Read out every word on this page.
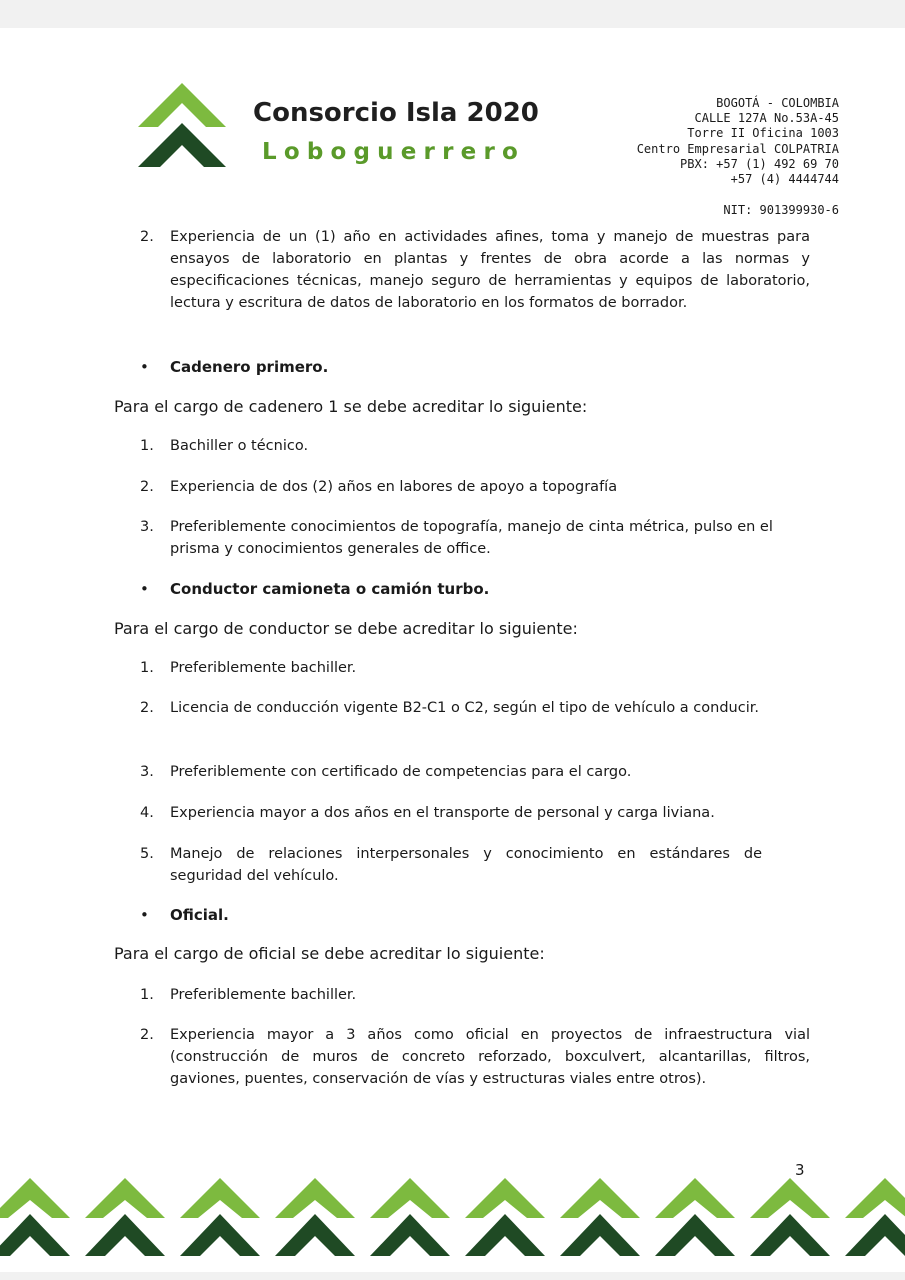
Consorcio Isla 2020
Loboguerrero
BOGOTÁ - COLOMBIA
CALLE 127A No.53A-45
Torre II Oficina 1003
Centro Empresarial COLPATRIA
PBX: +57 (1) 492 69 70
+57 (4) 4444744
NIT: 901399930-6
2. Experiencia de un (1) año en actividades afines, toma y manejo de muestras para ensayos de laboratorio en plantas y frentes de obra acorde a las normas y especificaciones técnicas, manejo seguro de herramientas y equipos de laboratorio, lectura y escritura de datos de laboratorio en los formatos de borrador.
• Cadenero primero.
Para el cargo de cadenero 1 se debe acreditar lo siguiente:
1. Bachiller o técnico.
2. Experiencia de dos (2) años en labores de apoyo a topografía
3. Preferiblemente conocimientos de topografía, manejo de cinta métrica, pulso en el prisma y conocimientos generales de office.
• Conductor camioneta o camión turbo.
Para el cargo de conductor se debe acreditar lo siguiente:
1. Preferiblemente bachiller.
2. Licencia de conducción vigente B2-C1 o C2, según el tipo de vehículo a conducir.
3. Preferiblemente con certificado de competencias para el cargo.
4. Experiencia mayor a dos años en el transporte de personal y carga liviana.
5. Manejo de relaciones interpersonales y conocimiento en estándares de seguridad del vehículo.
• Oficial.
Para el cargo de oficial se debe acreditar lo siguiente:
1. Preferiblemente bachiller.
2. Experiencia mayor a 3 años como oficial en proyectos de infraestructura vial (construcción de muros de concreto reforzado, boxculvert, alcantarillas, filtros, gaviones, puentes, conservación de vías y estructuras viales entre otros).
3
